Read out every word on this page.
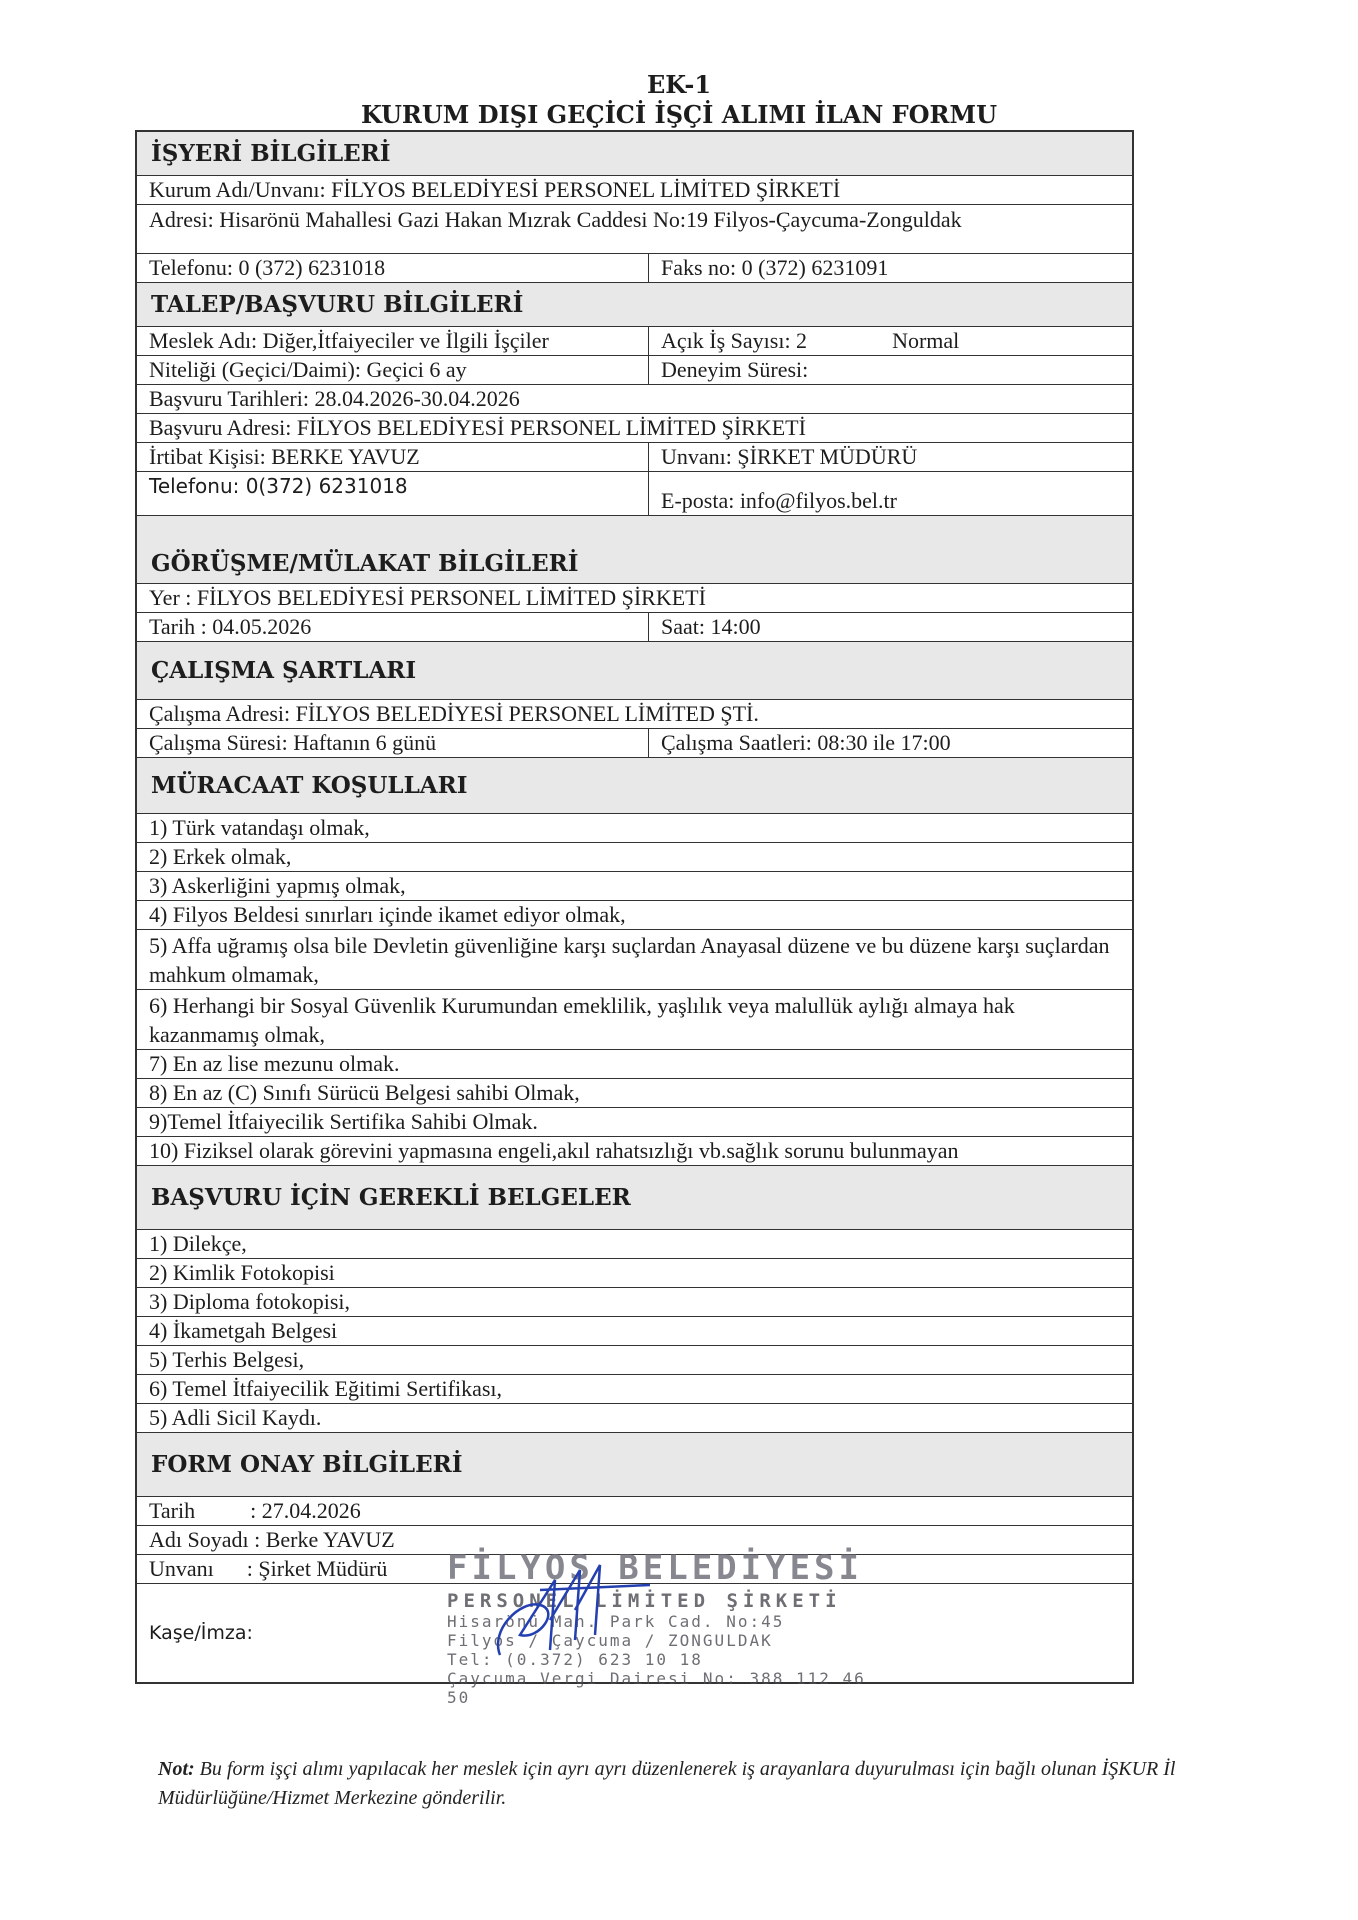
EK-1
KURUM DIŞI GEÇİCİ İŞÇİ ALIMI İLAN FORMU
İŞYERİ BİLGİLERİ
Kurum Adı/Unvanı: FİLYOS BELEDİYESİ PERSONEL LİMİTED ŞİRKETİ
Adresi: Hisarönü Mahallesi Gazi Hakan Mızrak Caddesi No:19 Filyos-Çaycuma-Zonguldak
Telefonu: 0 (372) 6231018	Faks no: 0 (372) 6231091
TALEP/BAŞVURU BİLGİLERİ
Meslek Adı: Diğer,İtfaiyeciler ve İlgili İşçiler	Açık İş Sayısı: 2	Normal
Niteliği (Geçici/Daimi): Geçici 6 ay	Deneyim Süresi:
Başvuru Tarihleri: 28.04.2026-30.04.2026
Başvuru Adresi: FİLYOS BELEDİYESİ PERSONEL LİMİTED ŞİRKETİ
İrtibat Kişisi: BERKE YAVUZ	Unvanı: ŞİRKET MÜDÜRÜ
Telefonu: 0(372) 6231018
E-posta: info@filyos.bel.tr
GÖRÜŞME/MÜLAKAT BİLGİLERİ
Yer : FİLYOS BELEDİYESİ PERSONEL LİMİTED ŞİRKETİ
Tarih : 04.05.2026	Saat: 14:00
ÇALIŞMA ŞARTLARI
Çalışma Adresi: FİLYOS BELEDİYESİ PERSONEL LİMİTED ŞTİ.
Çalışma Süresi: Haftanın 6 günü	Çalışma Saatleri: 08:30 ile 17:00
MÜRACAAT KOŞULLARI
1) Türk vatandaşı olmak,
2) Erkek olmak,
3) Askerliğini yapmış olmak,
4) Filyos Beldesi sınırları içinde ikamet ediyor olmak,
5) Affa uğramış olsa bile Devletin güvenliğine karşı suçlardan Anayasal düzene ve bu düzene karşı suçlardan mahkum olmamak,
6) Herhangi bir Sosyal Güvenlik Kurumundan emeklilik, yaşlılık veya malullük aylığı almaya hak kazanmamış olmak,
7) En az lise mezunu olmak.
8) En az (C) Sınıfı Sürücü Belgesi sahibi Olmak,
9)Temel İtfaiyecilik Sertifika Sahibi Olmak.
10) Fiziksel olarak görevini yapmasına engeli,akıl rahatsızlığı vb.sağlık sorunu bulunmayan
BAŞVURU İÇİN GEREKLİ BELGELER
1) Dilekçe,
2) Kimlik Fotokopisi
3) Diploma fotokopisi,
4) İkametgah Belgesi
5) Terhis Belgesi,
6) Temel İtfaiyecilik Eğitimi Sertifikası,
5) Adli Sicil Kaydı.
FORM ONAY BİLGİLERİ
Tarih          : 27.04.2026
Adı Soyadı : Berke YAVUZ
Unvanı      : Şirket Müdürü
Kaşe/İmza:
FİLYOS BELEDİYESİ
PERSONEL LİMİTED ŞİRKETİ
Hisarönü Mah. Park Cad. No:45
Filyos / Çaycuma / ZONGULDAK
Tel: (0.372) 623 10 18
Çaycuma Vergi Dairesi No: 388 112 46 50
Not: Bu form işçi alımı yapılacak her meslek için ayrı ayrı düzenlenerek iş arayanlara duyurulması için bağlı olunan İŞKUR İl Müdürlüğüne/Hizmet Merkezine gönderilir.
